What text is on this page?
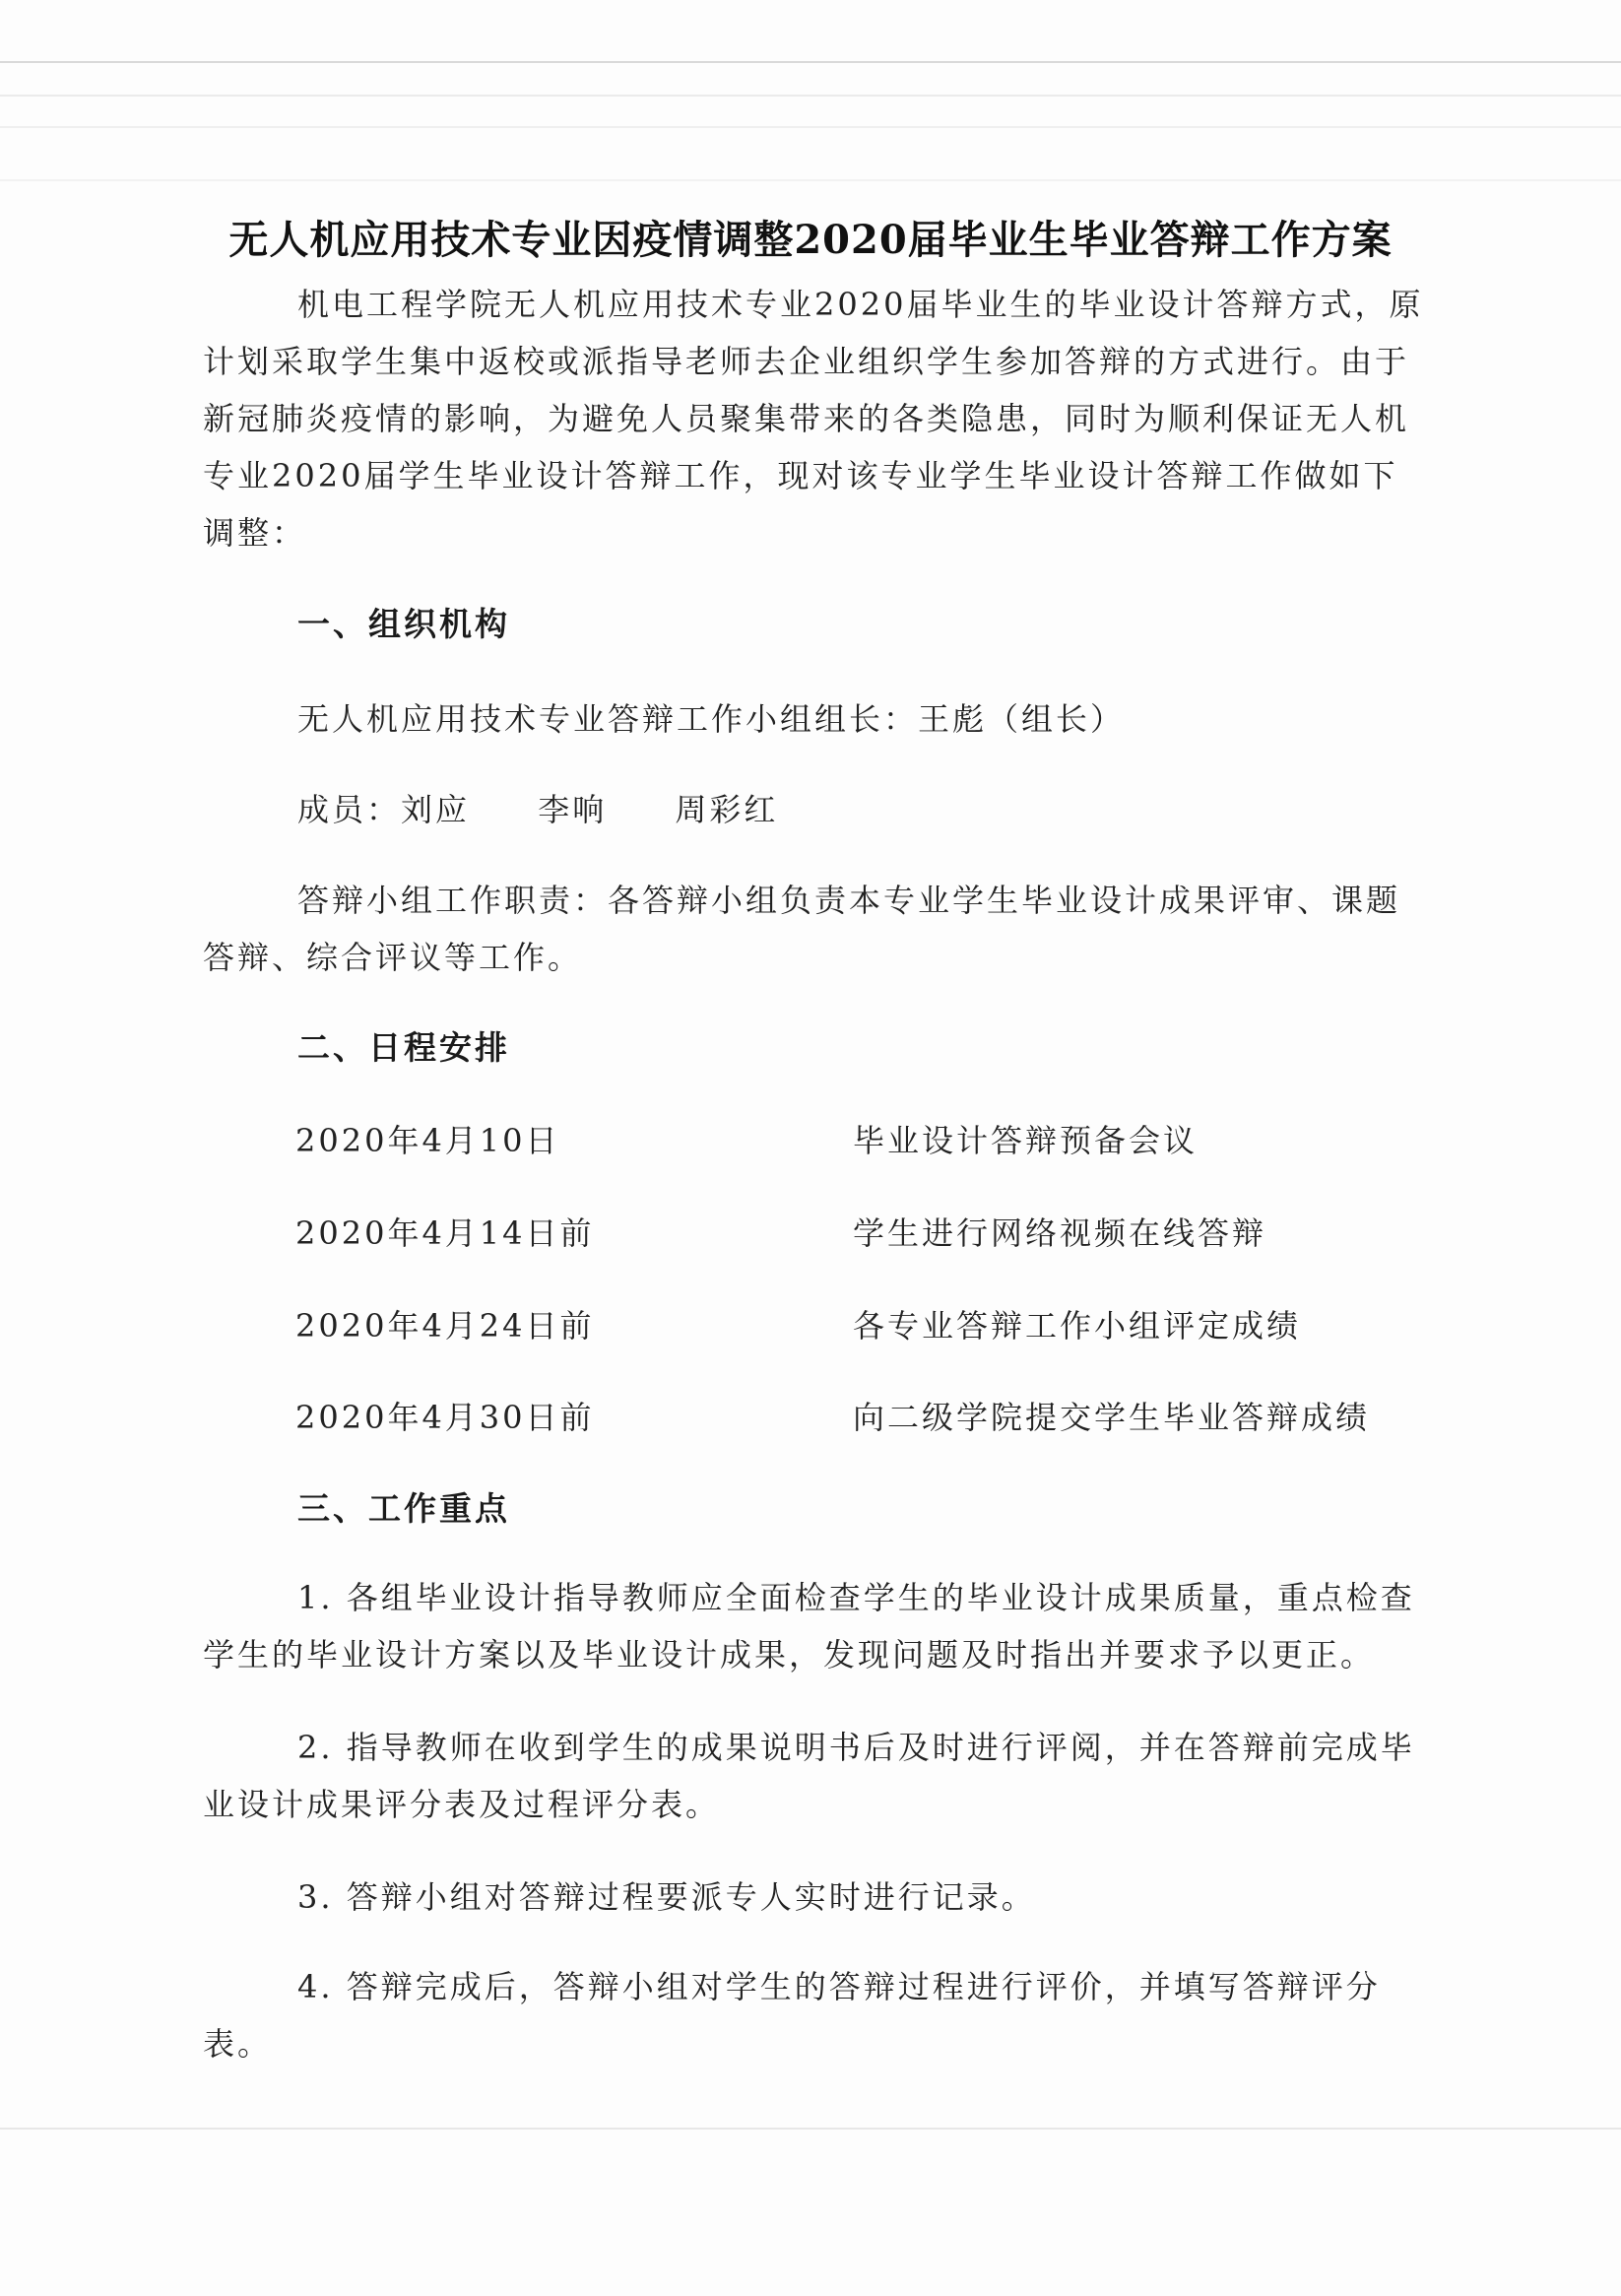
无人机应用技术专业因疫情调整2020届毕业生毕业答辩工作方案
机电工程学院无人机应用技术专业2020届毕业生的毕业设计答辩方式，原计划采取学生集中返校或派指导老师去企业组织学生参加答辩的方式进行。由于新冠肺炎疫情的影响，为避免人员聚集带来的各类隐患，同时为顺利保证无人机专业2020届学生毕业设计答辩工作，现对该专业学生毕业设计答辩工作做如下调整：
一、组织机构
无人机应用技术专业答辩工作小组组长：王彪（组长）
成员：刘应 李响 周彩红
答辩小组工作职责：各答辩小组负责本专业学生毕业设计成果评审、课题答辩、综合评议等工作。
二、日程安排
2020年4月10日	毕业设计答辩预备会议
2020年4月14日前	学生进行网络视频在线答辩
2020年4月24日前	各专业答辩工作小组评定成绩
2020年4月30日前	向二级学院提交学生毕业答辩成绩
三、工作重点
1. 各组毕业设计指导教师应全面检查学生的毕业设计成果质量，重点检查学生的毕业设计方案以及毕业设计成果，发现问题及时指出并要求予以更正。
2. 指导教师在收到学生的成果说明书后及时进行评阅，并在答辩前完成毕业设计成果评分表及过程评分表。
3. 答辩小组对答辩过程要派专人实时进行记录。
4. 答辩完成后，答辩小组对学生的答辩过程进行评价，并填写答辩评分表。
